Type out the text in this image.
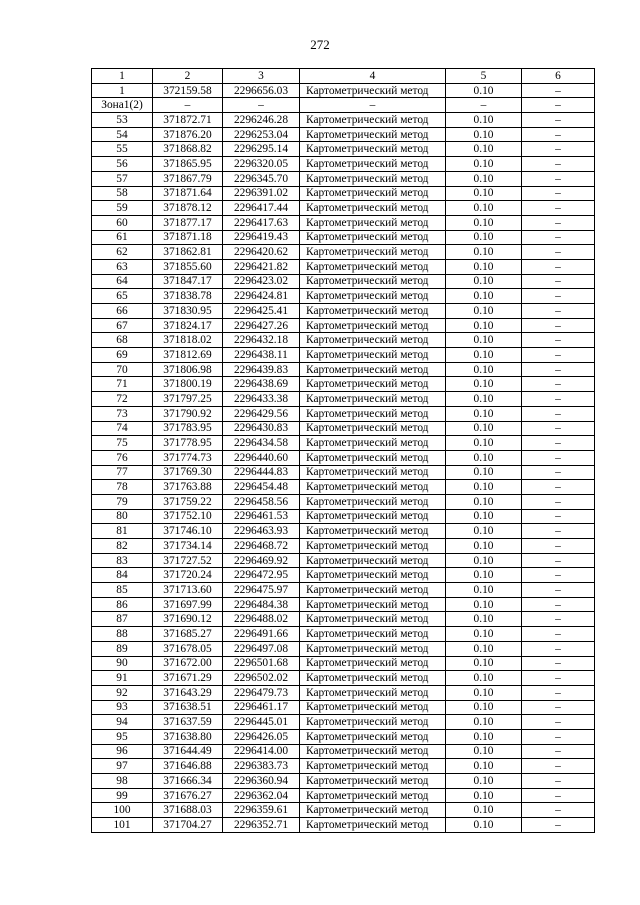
272
1	2	3	4	5	6
1	372159.58	2296656.03	Картометрический метод	0.10	–
Зона1(2)	–	–	–	–	–
53	371872.71	2296246.28	Картометрический метод	0.10	–
54	371876.20	2296253.04	Картометрический метод	0.10	–
55	371868.82	2296295.14	Картометрический метод	0.10	–
56	371865.95	2296320.05	Картометрический метод	0.10	–
57	371867.79	2296345.70	Картометрический метод	0.10	–
58	371871.64	2296391.02	Картометрический метод	0.10	–
59	371878.12	2296417.44	Картометрический метод	0.10	–
60	371877.17	2296417.63	Картометрический метод	0.10	–
61	371871.18	2296419.43	Картометрический метод	0.10	–
62	371862.81	2296420.62	Картометрический метод	0.10	–
63	371855.60	2296421.82	Картометрический метод	0.10	–
64	371847.17	2296423.02	Картометрический метод	0.10	–
65	371838.78	2296424.81	Картометрический метод	0.10	–
66	371830.95	2296425.41	Картометрический метод	0.10	–
67	371824.17	2296427.26	Картометрический метод	0.10	–
68	371818.02	2296432.18	Картометрический метод	0.10	–
69	371812.69	2296438.11	Картометрический метод	0.10	–
70	371806.98	2296439.83	Картометрический метод	0.10	–
71	371800.19	2296438.69	Картометрический метод	0.10	–
72	371797.25	2296433.38	Картометрический метод	0.10	–
73	371790.92	2296429.56	Картометрический метод	0.10	–
74	371783.95	2296430.83	Картометрический метод	0.10	–
75	371778.95	2296434.58	Картометрический метод	0.10	–
76	371774.73	2296440.60	Картометрический метод	0.10	–
77	371769.30	2296444.83	Картометрический метод	0.10	–
78	371763.88	2296454.48	Картометрический метод	0.10	–
79	371759.22	2296458.56	Картометрический метод	0.10	–
80	371752.10	2296461.53	Картометрический метод	0.10	–
81	371746.10	2296463.93	Картометрический метод	0.10	–
82	371734.14	2296468.72	Картометрический метод	0.10	–
83	371727.52	2296469.92	Картометрический метод	0.10	–
84	371720.24	2296472.95	Картометрический метод	0.10	–
85	371713.60	2296475.97	Картометрический метод	0.10	–
86	371697.99	2296484.38	Картометрический метод	0.10	–
87	371690.12	2296488.02	Картометрический метод	0.10	–
88	371685.27	2296491.66	Картометрический метод	0.10	–
89	371678.05	2296497.08	Картометрический метод	0.10	–
90	371672.00	2296501.68	Картометрический метод	0.10	–
91	371671.29	2296502.02	Картометрический метод	0.10	–
92	371643.29	2296479.73	Картометрический метод	0.10	–
93	371638.51	2296461.17	Картометрический метод	0.10	–
94	371637.59	2296445.01	Картометрический метод	0.10	–
95	371638.80	2296426.05	Картометрический метод	0.10	–
96	371644.49	2296414.00	Картометрический метод	0.10	–
97	371646.88	2296383.73	Картометрический метод	0.10	–
98	371666.34	2296360.94	Картометрический метод	0.10	–
99	371676.27	2296362.04	Картометрический метод	0.10	–
100	371688.03	2296359.61	Картометрический метод	0.10	–
101	371704.27	2296352.71	Картометрический метод	0.10	–
